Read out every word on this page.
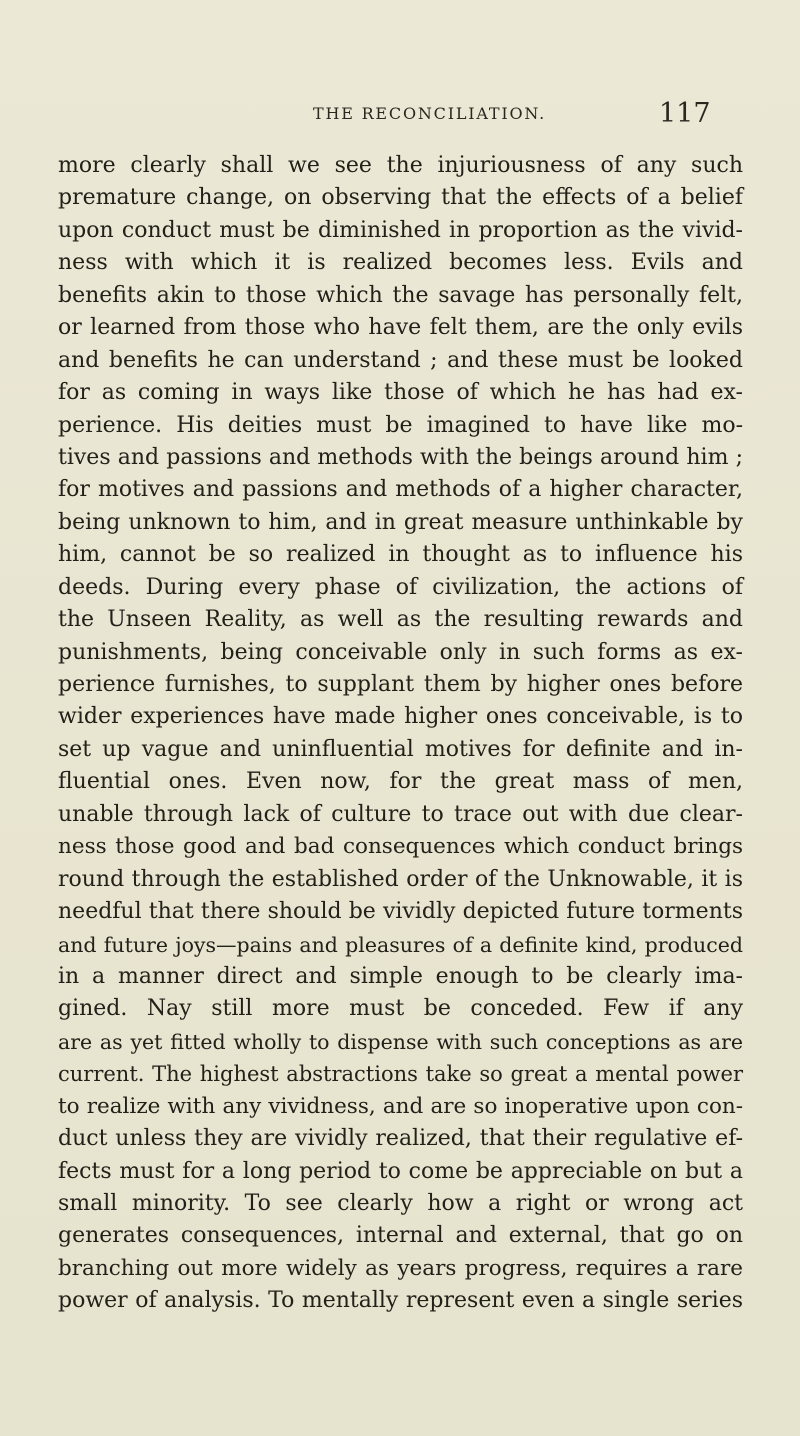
THE RECONCILIATION.	117
more clearly shall we see the injuriousness of any such
premature change, on observing that the effects of a belief
upon conduct must be diminished in proportion as the vivid-
ness with which it is realized becomes less. Evils and
benefits akin to those which the savage has personally felt,
or learned from those who have felt them, are the only evils
and benefits he can understand ; and these must be looked
for as coming in ways like those of which he has had ex-
perience. His deities must be imagined to have like mo-
tives and passions and methods with the beings around him ;
for motives and passions and methods of a higher character,
being unknown to him, and in great measure unthinkable by
him, cannot be so realized in thought as to influence his
deeds. During every phase of civilization, the actions of
the Unseen Reality, as well as the resulting rewards and
punishments, being conceivable only in such forms as ex-
perience furnishes, to supplant them by higher ones before
wider experiences have made higher ones conceivable, is to
set up vague and uninfluential motives for definite and in-
fluential ones. Even now, for the great mass of men,
unable through lack of culture to trace out with due clear-
ness those good and bad consequences which conduct brings
round through the established order of the Unknowable, it is
needful that there should be vividly depicted future torments
and future joys—pains and pleasures of a definite kind, produced
in a manner direct and simple enough to be clearly ima-
gined. Nay still more must be conceded. Few if any
are as yet fitted wholly to dispense with such conceptions as are
current. The highest abstractions take so great a mental power
to realize with any vividness, and are so inoperative upon con-
duct unless they are vividly realized, that their regulative ef-
fects must for a long period to come be appreciable on but a
small minority. To see clearly how a right or wrong act
generates consequences, internal and external, that go on
branching out more widely as years progress, requires a rare
power of analysis. To mentally represent even a single series
